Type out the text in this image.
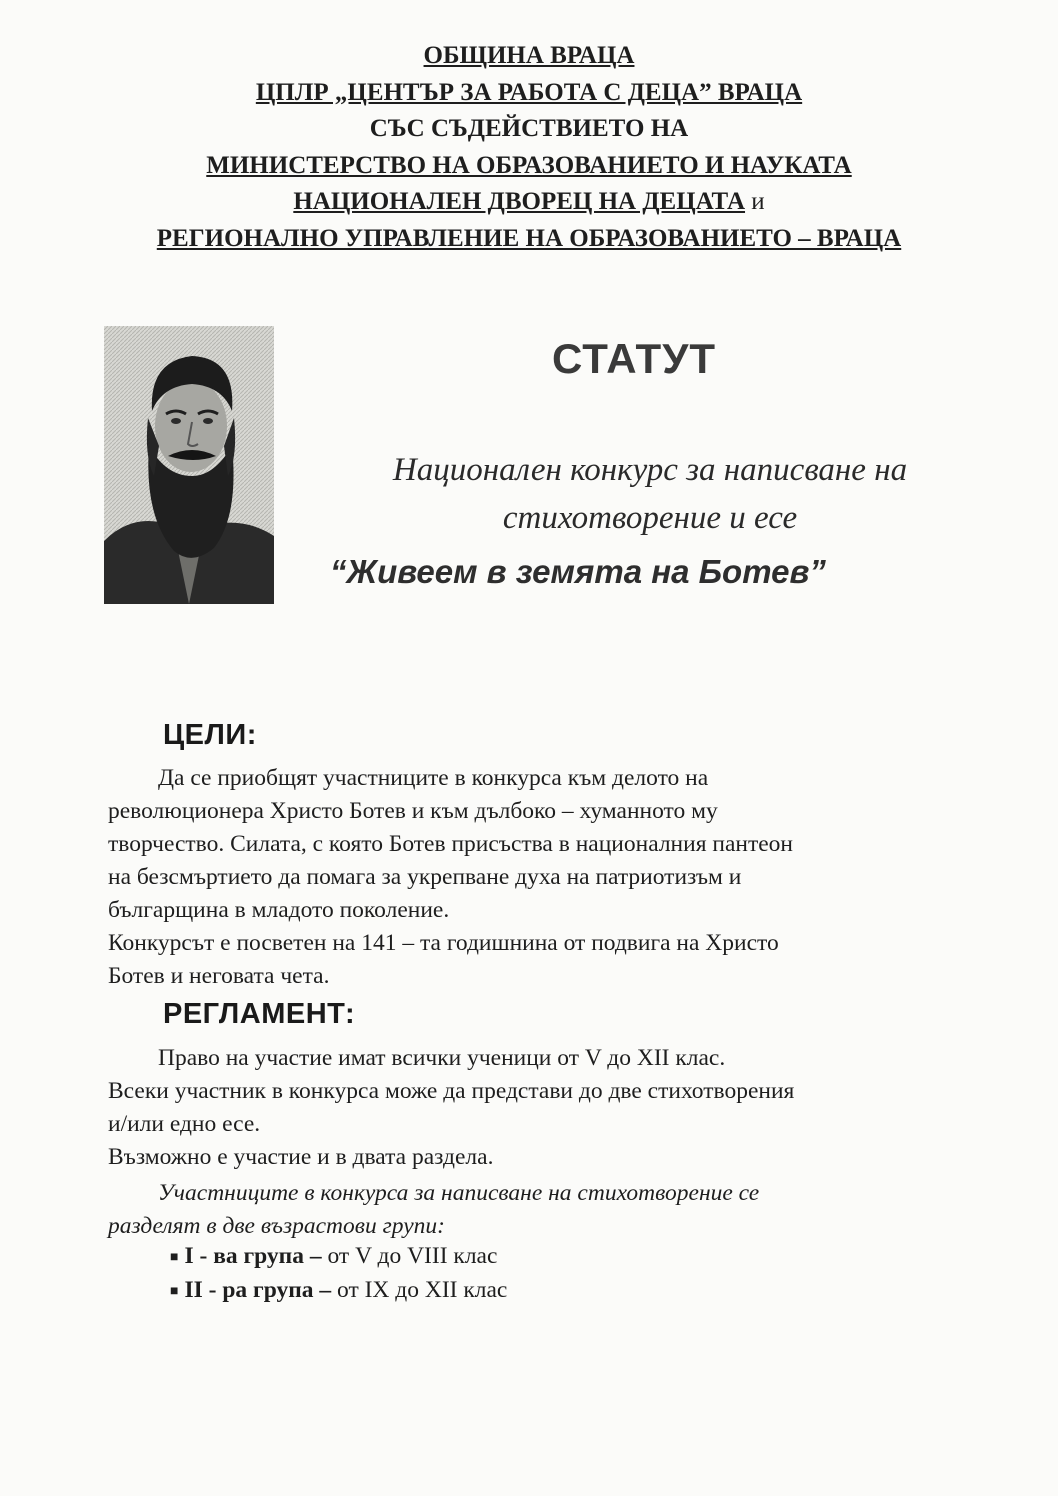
ОБЩИНА ВРАЦА
ЦПЛР „ЦЕНТЪР ЗА РАБОТА С ДЕЦА” ВРАЦА
СЪС СЪДЕЙСТВИЕТО НА
МИНИСТЕРСТВО НА ОБРАЗОВАНИЕТО И НАУКАТА
НАЦИОНАЛЕН ДВОРЕЦ НА ДЕЦАТА и
РЕГИОНАЛНО УПРАВЛЕНИЕ НА ОБРАЗОВАНИЕТО – ВРАЦА
СТАТУТ
Национален конкурс за написване на
стихотворение и есе
“Живеем в земята на Ботев”
ЦЕЛИ:
Да се приобщят участниците в конкурса към делото на
революционера Христо Ботев и към дълбоко – хуманното му
творчество. Силата, с която Ботев присъства в националния пантеон
на безсмъртието да помага за укрепване духа на патриотизъм и
българщина в младото поколение.
Конкурсът е посветен на 141 – та годишнина от подвига на Христо
Ботев и неговата чета.
РЕГЛАМЕНТ:
Право на участие имат всички ученици от V до XII клас.
Всеки участник в конкурса може да представи до две стихотворения
и/или едно есе.
Възможно е участие и в двата раздела.
Участниците в конкурса за написване на стихотворение се
разделят в две възрастови групи:
■ I - ва група – от V до VIII клас
■ II - ра група – от IX до XII клас
